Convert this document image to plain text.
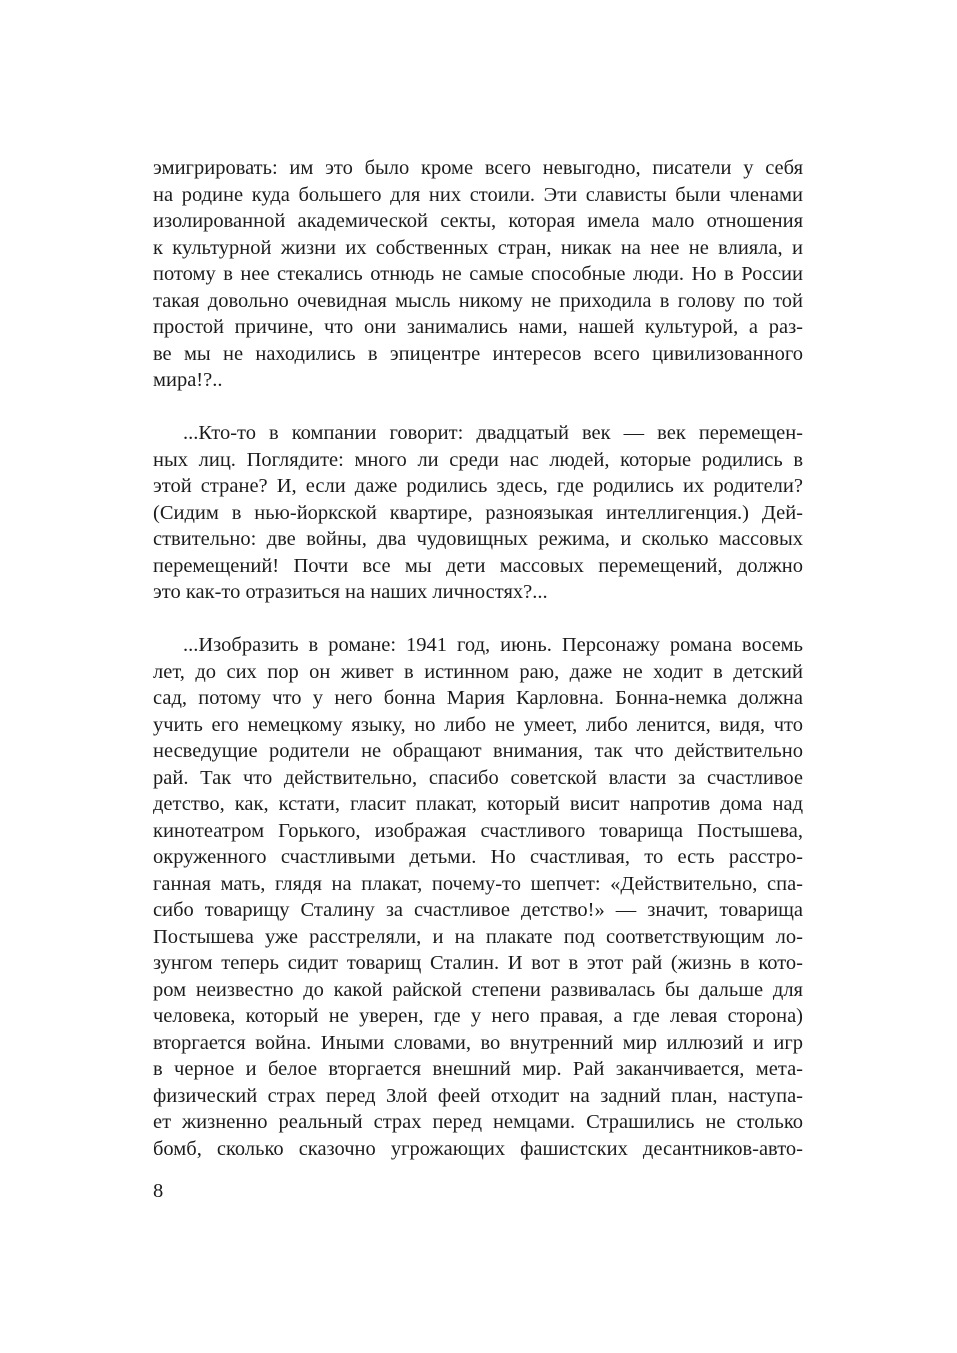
эмигрировать: им это было кроме всего невыгодно, писатели у себя
на родине куда большего для них стоили. Эти слависты были членами
изолированной академической секты, которая имела мало отношения
к культурной жизни их собственных стран, никак на нее не влияла, и
потому в нее стекались отнюдь не самые способные люди. Но в России
такая довольно очевидная мысль никому не приходила в голову по той
простой причине, что они занимались нами, нашей культурой, а раз-
ве мы не находились в эпицентре интересов всего цивилизованного
мира!?..
...Кто-то в компании говорит: двадцатый век — век перемещен-
ных лиц. Поглядите: много ли среди нас людей, которые родились в
этой стране? И, если даже родились здесь, где родились их родители?
(Сидим в нью-йоркской квартире, разноязыкая интеллигенция.) Дей-
ствительно: две войны, два чудовищных режима, и сколько массовых
перемещений! Почти все мы дети массовых перемещений, должно
это как-то отразиться на наших личностях?...
...Изобразить в романе: 1941 год, июнь. Персонажу романа восемь
лет, до сих пор он живет в истинном раю, даже не ходит в детский
сад, потому что у него бонна Мария Карловна. Бонна-немка должна
учить его немецкому языку, но либо не умеет, либо ленится, видя, что
несведущие родители не обращают внимания, так что действительно
рай. Так что действительно, спасибо советской власти за счастливое
детство, как, кстати, гласит плакат, который висит напротив дома над
кинотеатром Горького, изображая счастливого товарища Постышева,
окруженного счастливыми детьми. Но счастливая, то есть расстро-
ганная мать, глядя на плакат, почему-то шепчет: «Действительно, спа-
сибо товарищу Сталину за счастливое детство!» — значит, товарища
Постышева уже расстреляли, и на плакате под соответствующим ло-
зунгом теперь сидит товарищ Сталин. И вот в этот рай (жизнь в кото-
ром неизвестно до какой райской степени развивалась бы дальше для
человека, который не уверен, где у него правая, а где левая сторона)
вторгается война. Иными словами, во внутренний мир иллюзий и игр
в черное и белое вторгается внешний мир. Рай заканчивается, мета-
физический страх перед Злой феей отходит на задний план, наступа-
ет жизненно реальный страх перед немцами. Страшились не столько
бомб, сколько сказочно угрожающих фашистских десантников-авто-
8
